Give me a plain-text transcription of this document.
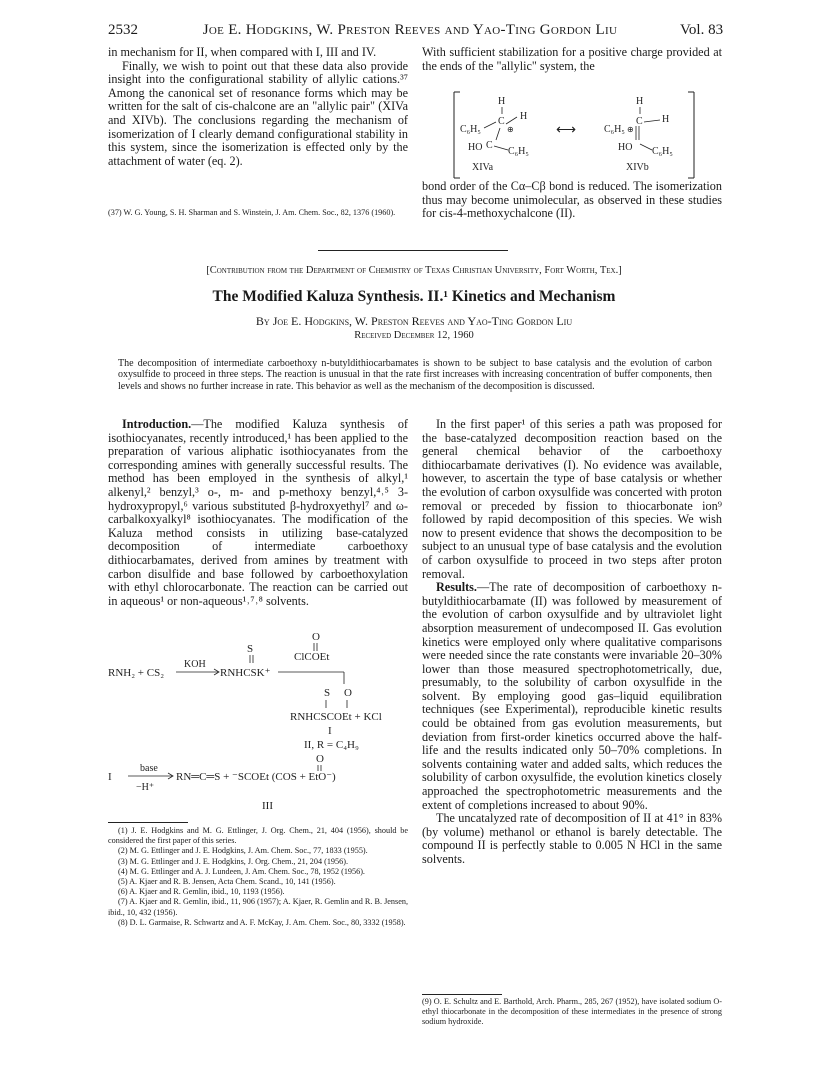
2532	Joe E. Hodgkins, W. Preston Reeves and Yao-Ting Gordon Liu	Vol. 83

in mechanism for II, when compared with I, III and IV.

Finally, we wish to point out that these data also provide insight into the configurational stability of allylic cations.³⁷ Among the canonical set of resonance forms which may be written for the salt of cis-chalcone are an "allylic pair" (XIVa and XIVb). The conclusions regarding the mechanism of isomerization of I clearly demand configurational stability in this system, since the isomerization is effected only by the attachment of water (eq. 2).

(37) W. G. Young, S. H. Sharman and S. Winstein, J. Am. Chem. Soc., 82, 1376 (1960).
With sufficient stabilization for a positive charge provided at the ends of the "allylic" system, the
H
C H
C₆H₅	⊕
HO C
C₆H₅
XIVa
⟷
H
C H
C₆H₅ ⊕
HO C₆H₅
XIVb
bond order of the Cα–Cβ bond is reduced. The isomerization thus may become unimolecular, as observed in these studies for cis-4-methoxychalcone (II).
[Contribution from the Department of Chemistry of Texas Christian University, Fort Worth, Tex.]
The Modified Kaluza Synthesis. II.¹ Kinetics and Mechanism
By Joe E. Hodgkins, W. Preston Reeves and Yao-Ting Gordon Liu
Received December 12, 1960
The decomposition of intermediate carboethoxy n-butyldithiocarbamates is shown to be subject to base catalysis and the evolution of carbon oxysulfide to proceed in three steps. The reaction is unusual in that the rate first increases with increasing concentration of buffer components, then levels and shows no further increase in rate. This behavior as well as the mechanism of the decomposition is discussed.

Introduction.—The modified Kaluza synthesis of isothiocyanates, recently introduced,¹ has been applied to the preparation of various aliphatic isothiocyanates from the corresponding amines with generally successful results. The method has been employed in the synthesis of alkyl,¹ alkenyl,² benzyl,³ o-, m- and p-methoxy benzyl,⁴˒⁵ 3-hydroxypropyl,⁶ various substituted β-hydroxyethyl⁷ and ω-carbalkoxyalkyl⁸ isothiocyanates. The modification of the Kaluza method consists in utilizing base-catalyzed decomposition of intermediate carboethoxy dithiocarbamates, derived from amines by treatment with carbon disulfide and base followed by carboethoxylation with ethyl chlorocarbonate. The reaction can be carried out in aqueous¹ or non-aqueous¹˒⁷˒⁸ solvents.

O
S
ClCOEt
RNH₂ + CS₂
KOH
RNHCSK⁺
S O
RNHCSCOEt + KCl
I
II, R = C₄H₉
O
I
base
−H⁺
RN═C═S + ⁻SCOEt (COS + EtO⁻)
III

(1) J. E. Hodgkins and M. G. Ettlinger, J. Org. Chem., 21, 404 (1956), should be considered the first paper of this series.

(2) M. G. Ettlinger and J. E. Hodgkins, J. Am. Chem. Soc., 77, 1833 (1955).

(3) M. G. Ettlinger and J. E. Hodgkins, J. Org. Chem., 21, 204 (1956).

(4) M. G. Ettlinger and A. J. Lundeen, J. Am. Chem. Soc., 78, 1952 (1956).

(5) A. Kjaer and R. B. Jensen, Acta Chem. Scand., 10, 141 (1956).

(6) A. Kjaer and R. Gemlin, ibid., 10, 1193 (1956).

(7) A. Kjaer and R. Gemlin, ibid., 11, 906 (1957); A. Kjaer, R. Gemlin and R. B. Jensen, ibid., 10, 432 (1956).

(8) D. L. Garmaise, R. Schwartz and A. F. McKay, J. Am. Chem. Soc., 80, 3332 (1958).

In the first paper¹ of this series a path was proposed for the base-catalyzed decomposition reaction based on the general chemical behavior of the carboethoxy dithiocarbamate derivatives (I). No evidence was available, however, to ascertain the type of base catalysis or whether the evolution of carbon oxysulfide was concerted with proton removal or preceded by fission to thiocarbonate ion⁹ followed by rapid decomposition of this species. We wish now to present evidence that shows the decomposition to be subject to an unusual type of base catalysis and the evolution of carbon oxysulfide to proceed in two steps after proton removal.

Results.—The rate of decomposition of carboethoxy n-butyldithiocarbamate (II) was followed by measurement of the evolution of carbon oxysulfide and by ultraviolet light absorption measurement of undecomposed II. Gas evolution kinetics were employed only where qualitative comparisons were needed since the rate constants were invariable 20–30% lower than those measured spectrophotometrically, due, presumably, to the solubility of carbon oxysulfide in the solvent. By employing good gas–liquid equilibration techniques (see Experimental), reproducible kinetic results could be obtained from gas evolution measurements, but deviation from first-order kinetics occurred above the half-life and the results indicated only 50–70% completions. In solvents containing water and added salts, which reduces the solubility of carbon oxysulfide, the evolution kinetics closely approached the spectrophotometric measurements and the extent of completions increased to about 90%.

The uncatalyzed rate of decomposition of II at 41° in 83% (by volume) methanol or ethanol is barely detectable. The compound II is perfectly stable to 0.005 N HCl in the same solvents.

(9) O. E. Schultz and E. Barthold, Arch. Pharm., 285, 267 (1952), have isolated sodium O-ethyl thiocarbonate in the decomposition of these intermediates in the presence of strong sodium hydroxide.
